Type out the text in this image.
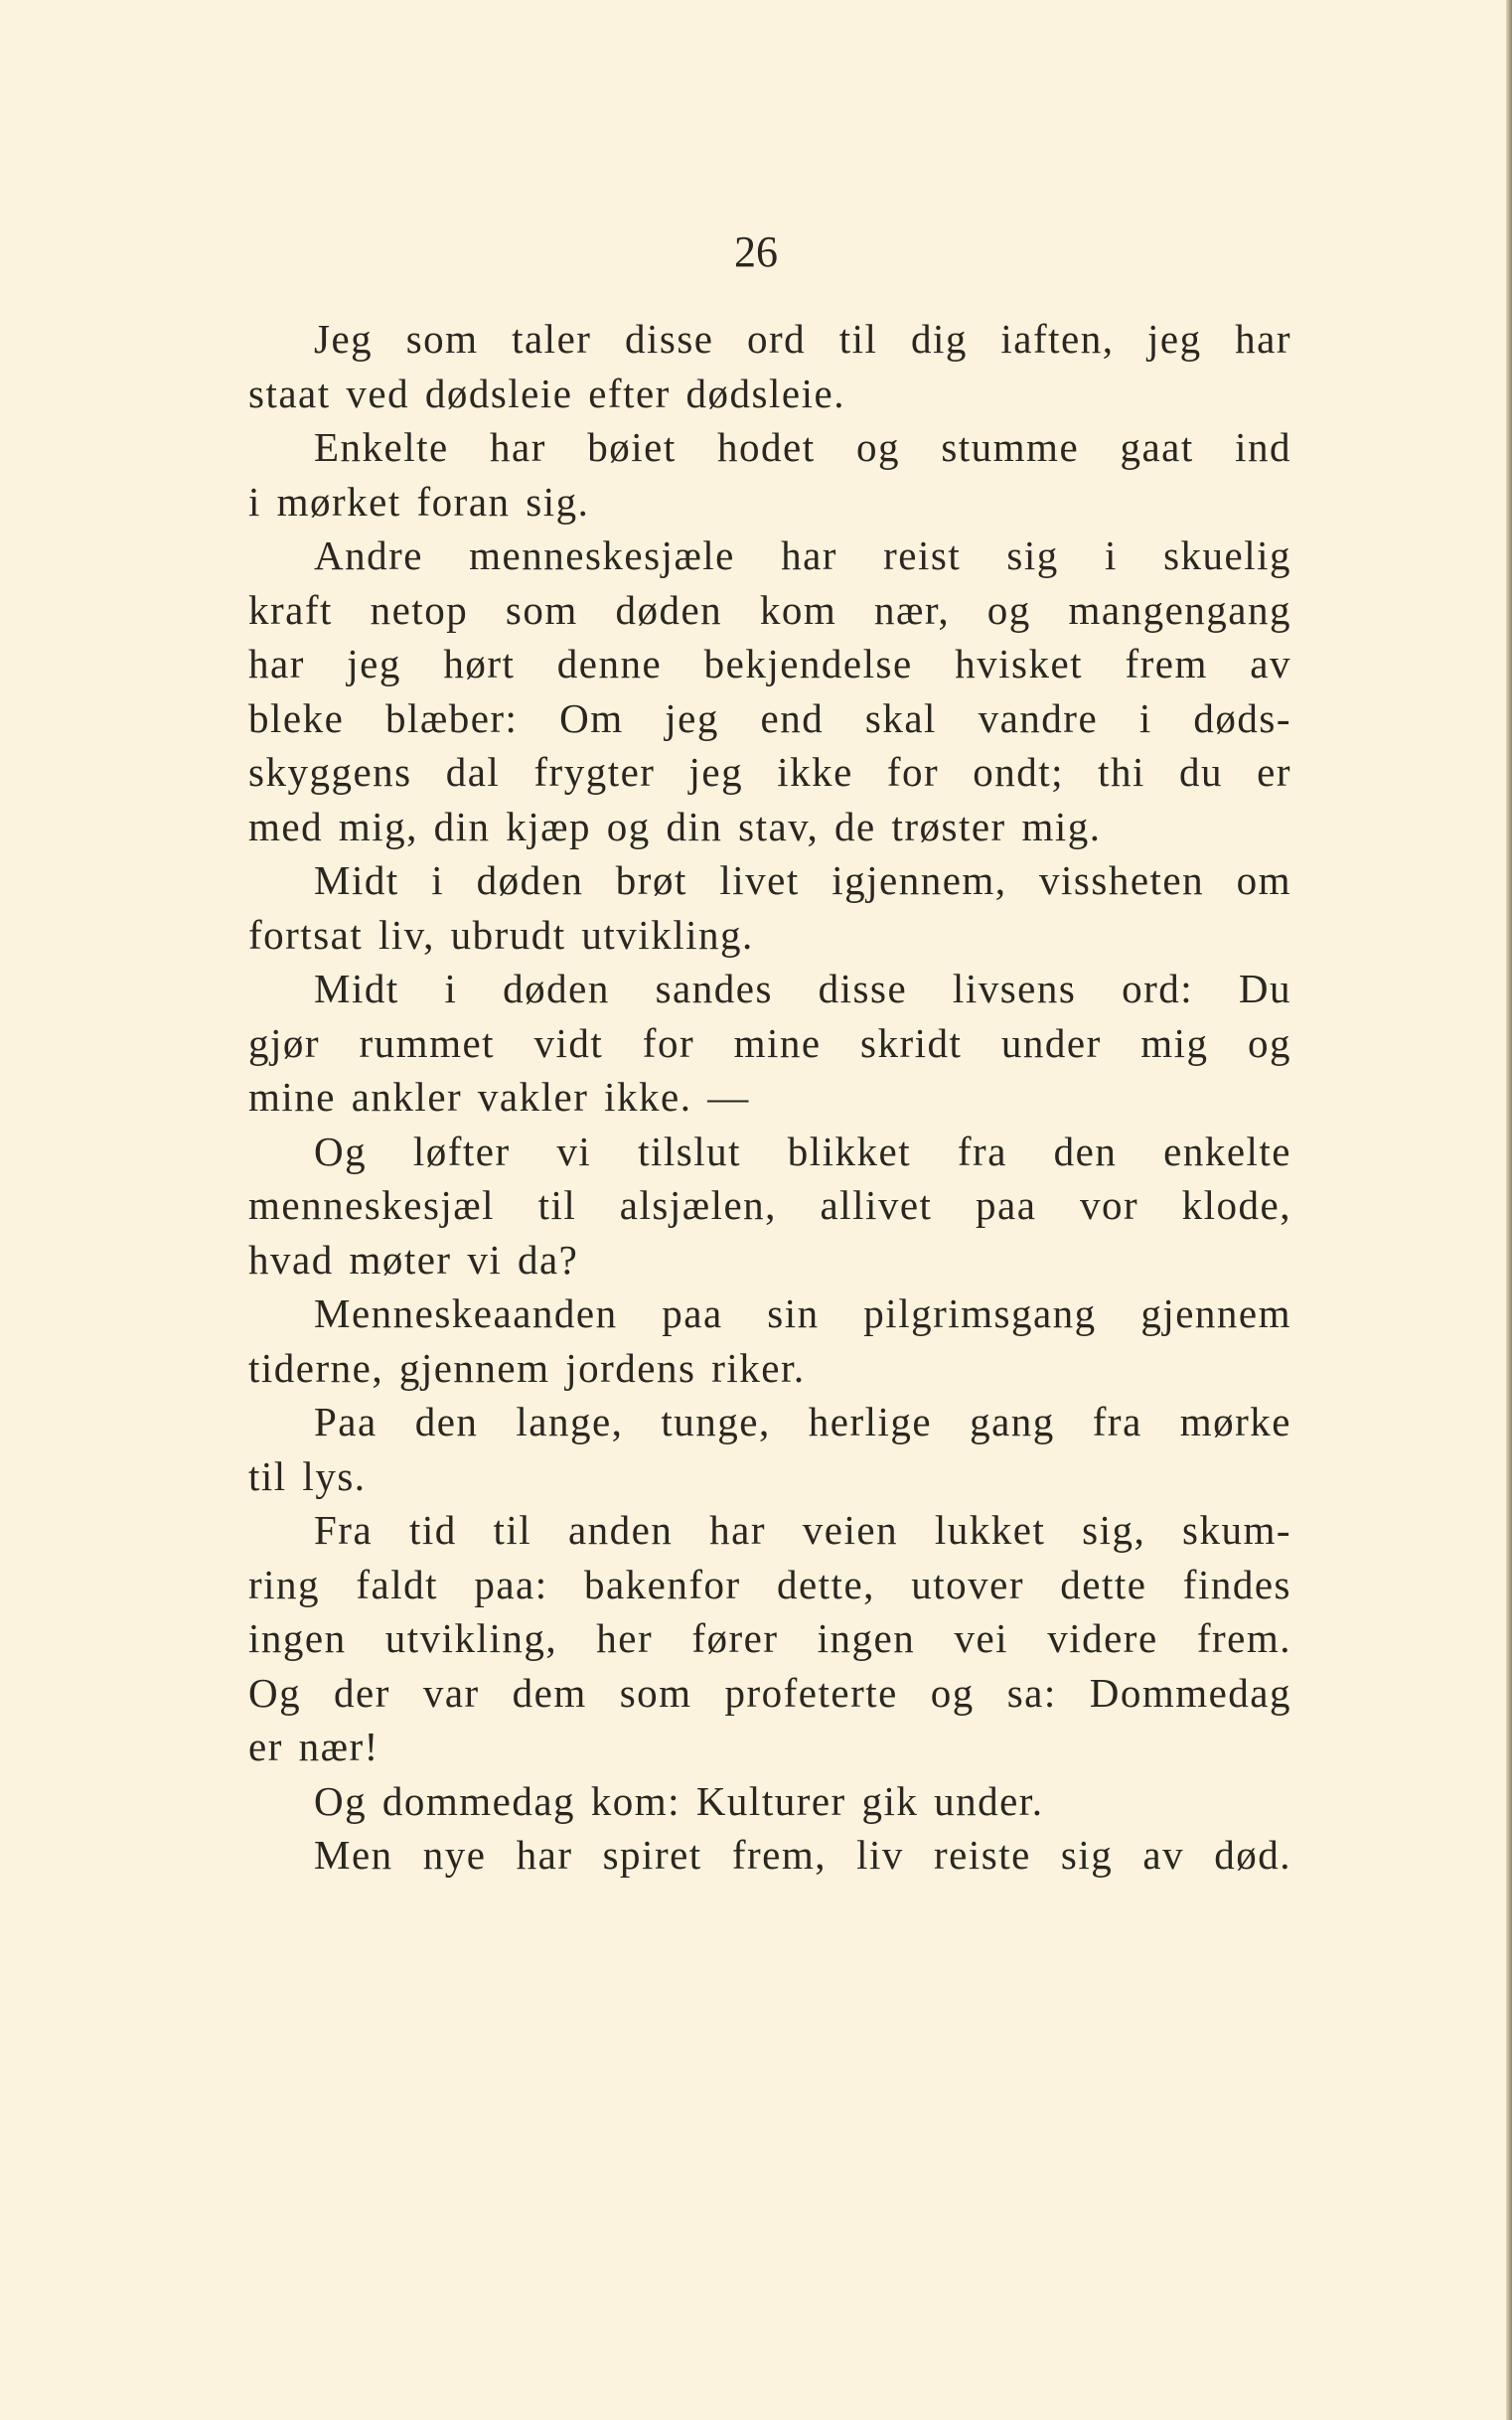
26
Jeg som taler disse ord til dig iaften, jeg har
staat ved dødsleie efter dødsleie.
Enkelte har bøiet hodet og stumme gaat ind
i mørket foran sig.
Andre menneskesjæle har reist sig i skuelig
kraft netop som døden kom nær, og mangengang
har jeg hørt denne bekjendelse hvisket frem av
bleke blæber: Om jeg end skal vandre i døds-
skyggens dal frygter jeg ikke for ondt; thi du er
med mig, din kjæp og din stav, de trøster mig.
Midt i døden brøt livet igjennem, vissheten om
fortsat liv, ubrudt utvikling.
Midt i døden sandes disse livsens ord: Du
gjør rummet vidt for mine skridt under mig og
mine ankler vakler ikke. —
Og løfter vi tilslut blikket fra den enkelte
menneskesjæl til alsjælen, allivet paa vor klode,
hvad møter vi da?
Menneskeaanden paa sin pilgrimsgang gjennem
tiderne, gjennem jordens riker.
Paa den lange, tunge, herlige gang fra mørke
til lys.
Fra tid til anden har veien lukket sig, skum-
ring faldt paa: bakenfor dette, utover dette findes
ingen utvikling, her fører ingen vei videre frem.
Og der var dem som profeterte og sa: Dommedag
er nær!
Og dommedag kom: Kulturer gik under.
Men nye har spiret frem, liv reiste sig av død.
